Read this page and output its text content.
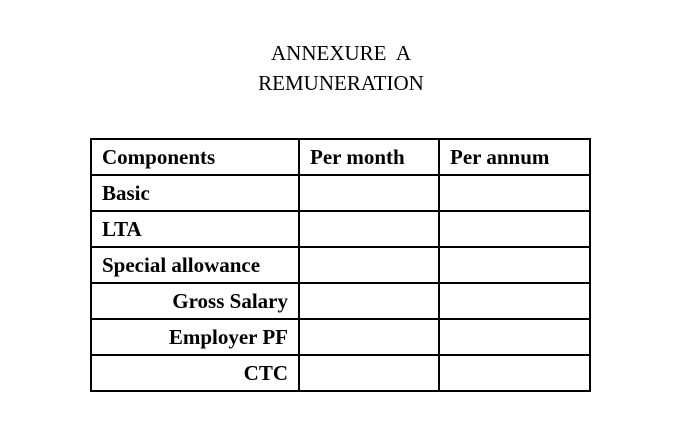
ANNEXURE  A
REMUNERATION
Components	Per month	Per annum
Basic		
LTA		
Special allowance		
Gross Salary		
Employer PF		
CTC		
